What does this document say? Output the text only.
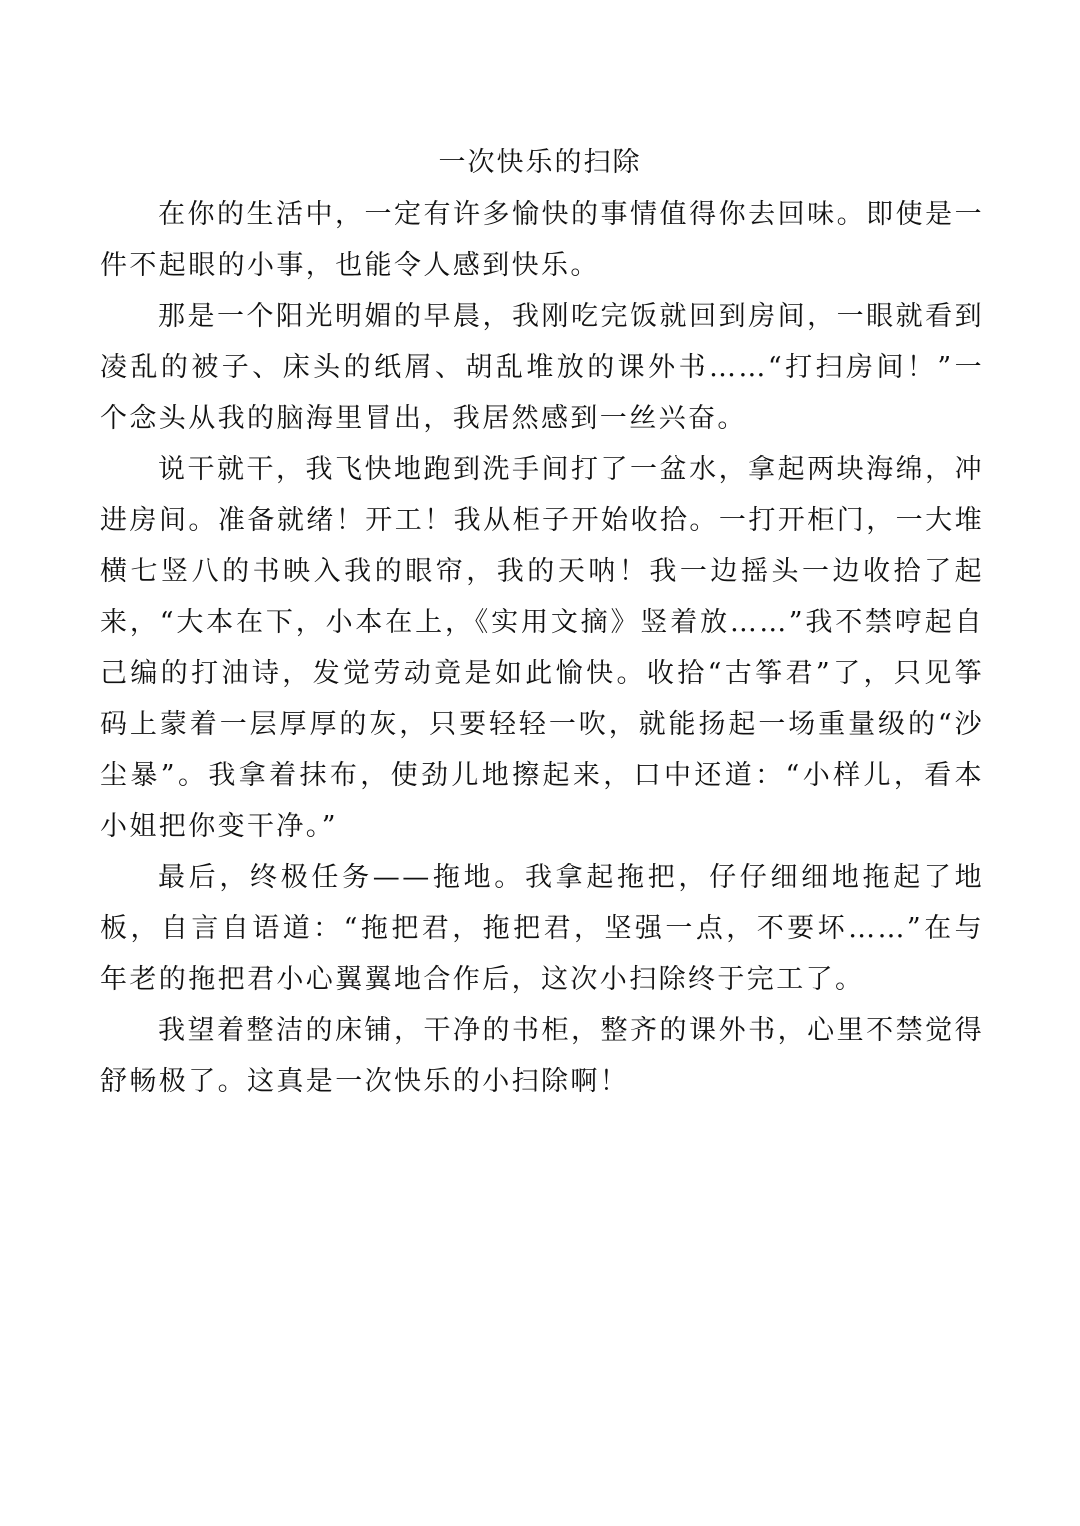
一次快乐的扫除

在你的生活中，一定有许多愉快的事情值得你去回味。即使是一件不起眼的小事，也能令人感到快乐。

那是一个阳光明媚的早晨，我刚吃完饭就回到房间，一眼就看到凌乱的被子、床头的纸屑、胡乱堆放的课外书……“打扫房间！”一个念头从我的脑海里冒出，我居然感到一丝兴奋。

说干就干，我飞快地跑到洗手间打了一盆水，拿起两块海绵，冲进房间。准备就绪！开工！我从柜子开始收拾。一打开柜门，一大堆横七竖八的书映入我的眼帘，我的天呐！我一边摇头一边收拾了起来，“大本在下，小本在上，《实用文摘》竖着放……”我不禁哼起自己编的打油诗，发觉劳动竟是如此愉快。收拾“古筝君”了，只见筝码上蒙着一层厚厚的灰，只要轻轻一吹，就能扬起一场重量级的“沙尘暴”。我拿着抹布，使劲儿地擦起来，口中还道：“小样儿，看本小姐把你变干净。”

最后，终极任务——拖地。我拿起拖把，仔仔细细地拖起了地板，自言自语道：“拖把君，拖把君，坚强一点，不要坏……”在与年老的拖把君小心翼翼地合作后，这次小扫除终于完工了。

我望着整洁的床铺，干净的书柜，整齐的课外书，心里不禁觉得舒畅极了。这真是一次快乐的小扫除啊！
